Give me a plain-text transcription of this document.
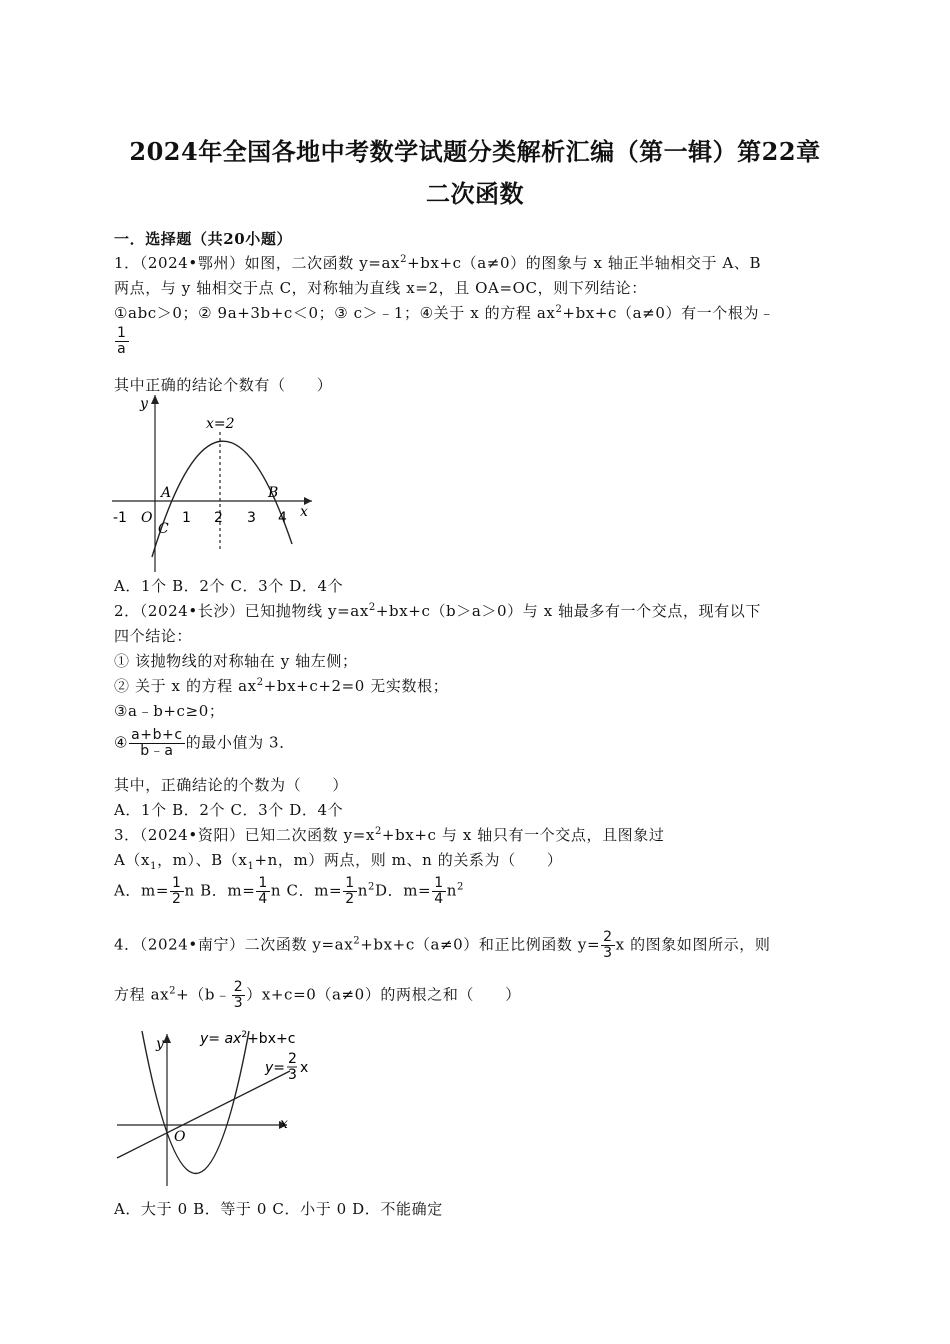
2024年全国各地中考数学试题分类解析汇编（第一辑）第22章
二次函数
一．选择题（共20小题）
1．（2024•鄂州）如图，二次函数 $y=ax^2+bx+c(a\ne 0)$的图象与 x 轴正半轴相交于 A、B
两点，与 y 轴相交于点 C，对称轴为直线 x=2，且 OA=OC，则下列结论：
①abc＞0；② 9a+3b+c＜0；③ c＞﹣1；④关于 x 的方程 $ax^2+bx+c(a\ne 0)$有一个根为﹣
$\frac{1}{a}$
其中正确的结论个数有（　　）
y
x
x=2
A	B
C
O
-1	1 2 3 4
A．1个 B．2个 C．3个 D．4个
2．（2024•长沙）已知抛物线 $y=ax^2+bx+c(b>a>0)$与 x 轴最多有一个交点，现有以下
四个结论：
① 该抛物线的对称轴在 y 轴左侧；
② 关于 x 的方程 $ax^2+bx+c+2=0$ 无实数根；
③a﹣b+c≥0；
④ $\frac{a+b+c}{b﹣a}$ 的最小值为 3．
其中，正确结论的个数为（　　）
A．1个 B．2个 C．3个 D．4个
3．（2024•资阳）已知二次函数 $y=x^2+bx+c$ 与 x 轴只有一个交点，且图象过
$A(x_1$，m）、$B(x_1+n$，m）两点，则 m、n 的关系为（　　）
A．$m= \frac{1}{2}$ n B．$m= \frac{1}{4}$ n C．$m= \frac{1}{2} n^2D$．$m= \frac{1}{4} n^2$
4．（2024•南宁）二次函数 $y=ax^2+bx+c(a\ne 0)$和正比例函数 $y= \frac{2}{3}$ x 的图象如图所示，则
方程 $ax^2+(b﹣ \frac{2}{3} )x+c=0(a\ne 0)$的两根之和（　　）
y
x
O
$y= ax^2+bx+c$
y=
2
3 x
A．大于 0 B．等于 0 C．小于 0 D．不能确定
